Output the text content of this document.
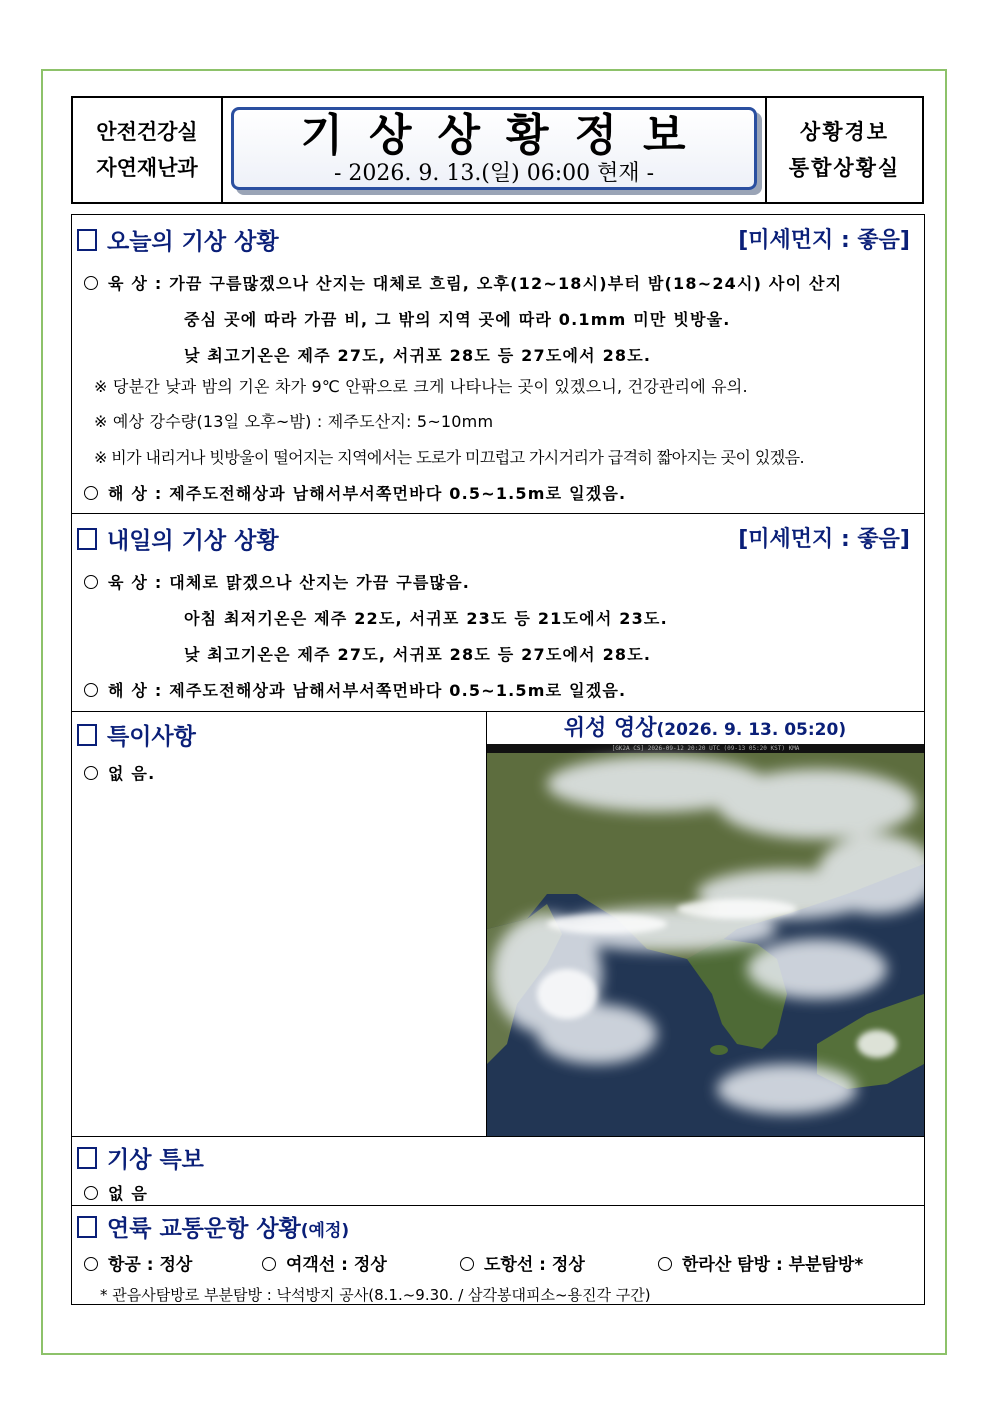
안전건강실
자연재난과
기상상황정보
- 2026. 9. 13.(일) 06:00 현재 -
상황경보
통합상황실
오늘의 기상 상황	[미세먼지 : 좋음]
육 상 : 가끔 구름많겠으나 산지는 대체로 흐림, 오후(12~18시)부터 밤(18~24시) 사이 산지
중심 곳에 따라 가끔 비, 그 밖의 지역 곳에 따라 0.1mm 미만 빗방울.
낮 최고기온은 제주 27도, 서귀포 28도 등 27도에서 28도.
※ 당분간 낮과 밤의 기온 차가 9℃ 안팎으로 크게 나타나는 곳이 있겠으니, 건강관리에 유의.
※ 예상 강수량(13일 오후~밤) : 제주도산지: 5~10mm
※ 비가 내리거나 빗방울이 떨어지는 지역에서는 도로가 미끄럽고 가시거리가 급격히 짧아지는 곳이 있겠음.
해 상 : 제주도전해상과 남해서부서쪽먼바다 0.5~1.5m로 일겠음.
내일의 기상 상황	[미세먼지 : 좋음]
육 상 : 대체로 맑겠으나 산지는 가끔 구름많음.
아침 최저기온은 제주 22도, 서귀포 23도 등 21도에서 23도.
낮 최고기온은 제주 27도, 서귀포 28도 등 27도에서 28도.
해 상 : 제주도전해상과 남해서부서쪽먼바다 0.5~1.5m로 일겠음.
특이사항
없 음.
위성 영상(2026. 9. 13. 05:20)
[GK2A CS] 2026-09-12 20:20 UTC (09-13 05:20 KST) KMA
기상 특보
없 음
연륙 교통운항 상황(예정)
항공 : 정상	여객선 : 정상	도항선 : 정상	한라산 탐방 : 부분탐방*
* 관음사탐방로 부분탐방 : 낙석방지 공사(8.1.~9.30. / 삼각봉대피소~용진각 구간)
